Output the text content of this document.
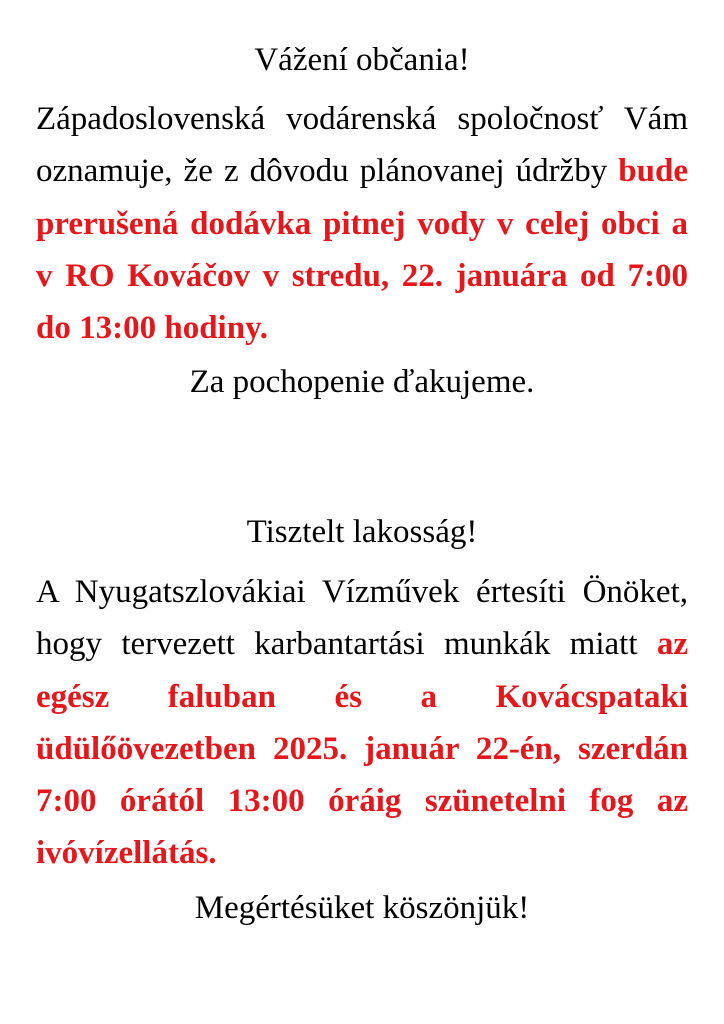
Vážení občania!

Západoslovenská vodárenská spoločnosť Vám oznamuje, že z dôvodu plánovanej údržby bude prerušená dodávka pitnej vody v celej obci a v RO Kováčov v stredu, 22. januára od 7:00 do 13:00 hodiny.

Za pochopenie ďakujeme.

Tisztelt lakosság!

A Nyugatszlovákiai Vízművek értesíti Önöket, hogy tervezett karbantartási munkák miatt az egész faluban és a Kovácspataki üdülőövezetben 2025. január 22-én, szerdán 7:00 órától 13:00 óráig szünetelni fog az ivóvízellátás.

Megértésüket köszönjük!
